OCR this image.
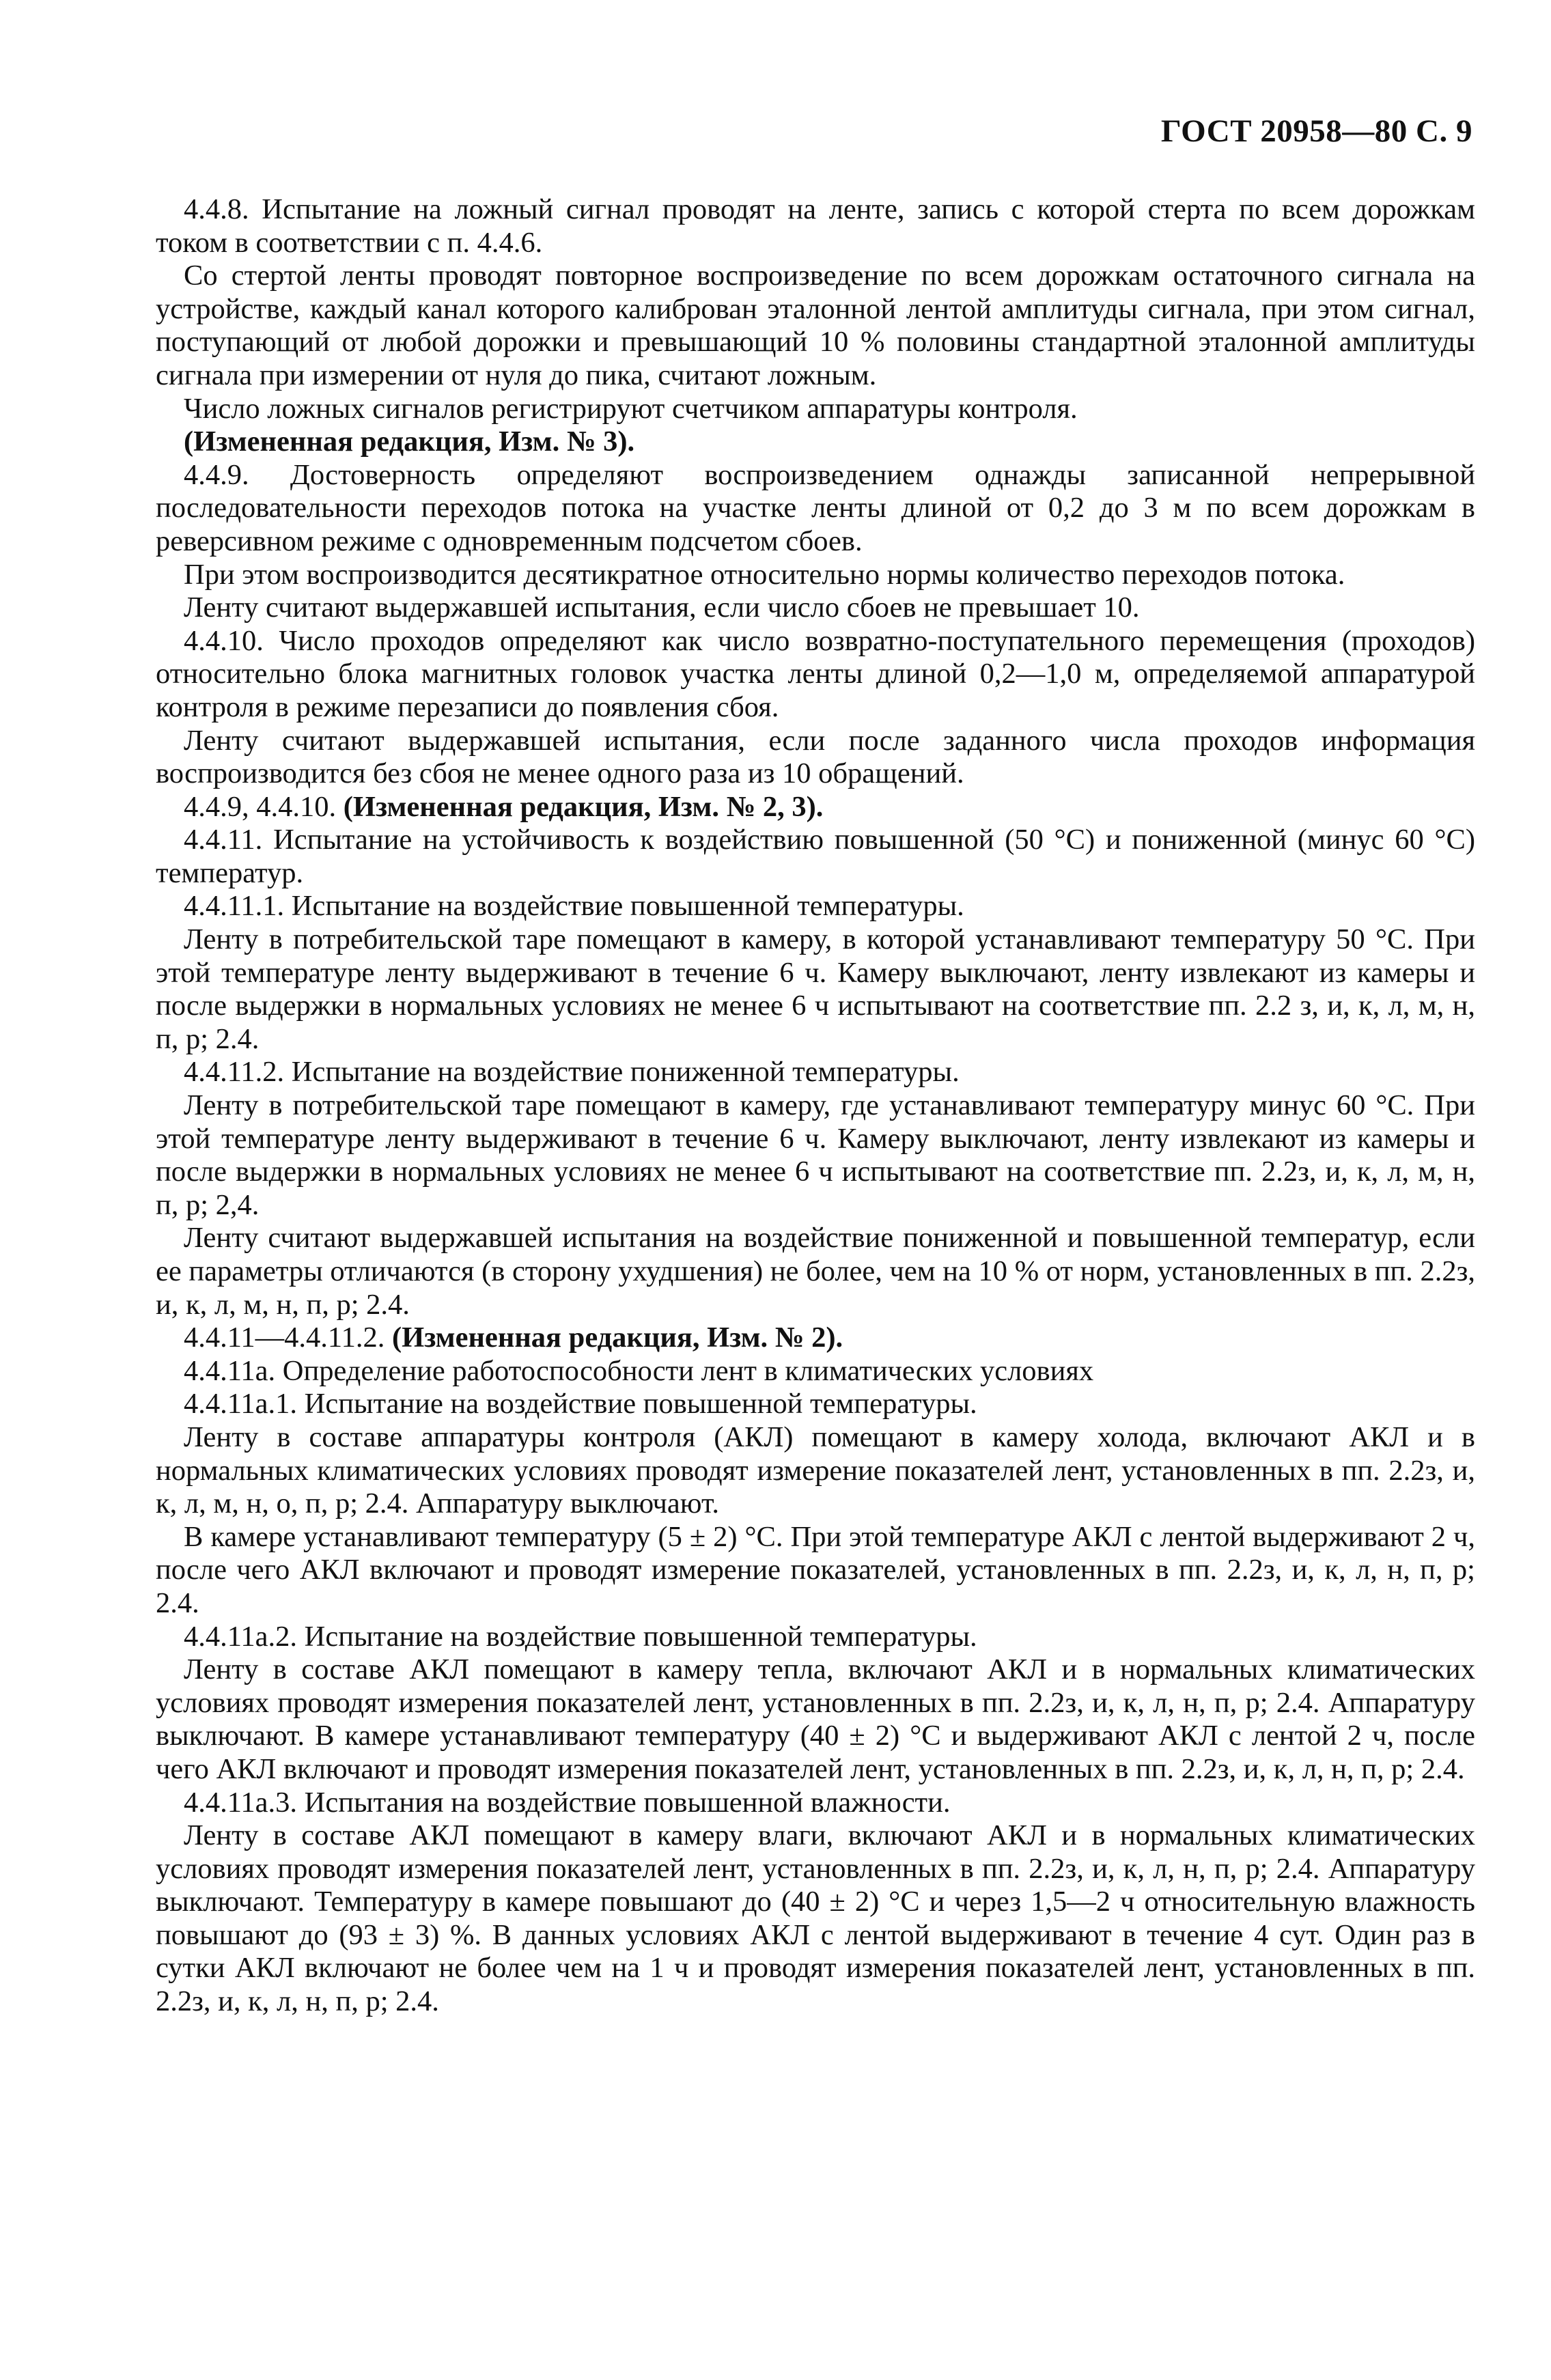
ГОСТ 20958—80 С. 9

4.4.8. Испытание на ложный сигнал проводят на ленте, запись с которой стерта по всем дорожкам током в соответствии с п. 4.4.6.

Со стертой ленты проводят повторное воспроизведение по всем дорожкам остаточного сигнала на устройстве, каждый канал которого калиброван эталонной лентой амплитуды сигнала, при этом сигнал, поступающий от любой дорожки и превышающий 10 % половины стандартной эталонной амплитуды сигнала при измерении от нуля до пика, считают ложным.

Число ложных сигналов регистрируют счетчиком аппаратуры контроля.

(Измененная редакция, Изм. № 3).

4.4.9. Достоверность определяют воспроизведением однажды записанной непрерывной последовательности переходов потока на участке ленты длиной от 0,2 до 3 м по всем дорожкам в реверсивном режиме с одновременным подсчетом сбоев.

При этом воспроизводится десятикратное относительно нормы количество переходов потока.

Ленту считают выдержавшей испытания, если число сбоев не превышает 10.

4.4.10. Число проходов определяют как число возвратно-поступательного перемещения (проходов) относительно блока магнитных головок участка ленты длиной 0,2—1,0 м, определяемой аппаратурой контроля в режиме перезаписи до появления сбоя.

Ленту считают выдержавшей испытания, если после заданного числа проходов информация воспроизводится без сбоя не менее одного раза из 10 обращений.

4.4.9, 4.4.10. (Измененная редакция, Изм. № 2, 3).

4.4.11. Испытание на устойчивость к воздействию повышенной (50 °С) и пониженной (минус 60 °С) температур.

4.4.11.1. Испытание на воздействие повышенной температуры.

Ленту в потребительской таре помещают в камеру, в которой устанавливают температуру 50 °С. При этой температуре ленту выдерживают в течение 6 ч. Камеру выключают, ленту извлекают из камеры и после выдержки в нормальных условиях не менее 6 ч испытывают на соответствие пп. 2.2 з, и, к, л, м, н, п, р; 2.4.

4.4.11.2. Испытание на воздействие пониженной температуры.

Ленту в потребительской таре помещают в камеру, где устанавливают температуру минус 60 °С. При этой температуре ленту выдерживают в течение 6 ч. Камеру выключают, ленту извлекают из камеры и после выдержки в нормальных условиях не менее 6 ч испытывают на соответствие пп. 2.2з, и, к, л, м, н, п, р; 2,4.

Ленту считают выдержавшей испытания на воздействие пониженной и повышенной температур, если ее параметры отличаются (в сторону ухудшения) не более, чем на 10 % от норм, установленных в пп. 2.2з, и, к, л, м, н, п, р; 2.4.

4.4.11—4.4.11.2. (Измененная редакция, Изм. № 2).

4.4.11а. Определение работоспособности лент в климатических условиях

4.4.11а.1. Испытание на воздействие повышенной температуры.

Ленту в составе аппаратуры контроля (АКЛ) помещают в камеру холода, включают АКЛ и в нормальных климатических условиях проводят измерение показателей лент, установленных в пп. 2.2з, и, к, л, м, н, о, п, р; 2.4. Аппаратуру выключают.

В камере устанавливают температуру (5 ± 2) °С. При этой температуре АКЛ с лентой выдерживают 2 ч, после чего АКЛ включают и проводят измерение показателей, установленных в пп. 2.2з, и, к, л, н, п, р; 2.4.

4.4.11а.2. Испытание на воздействие повышенной температуры.

Ленту в составе АКЛ помещают в камеру тепла, включают АКЛ и в нормальных климатических условиях проводят измерения показателей лент, установленных в пп. 2.2з, и, к, л, н, п, р; 2.4. Аппаратуру выключают. В камере устанавливают температуру (40 ± 2) °С и выдерживают АКЛ с лентой 2 ч, после чего АКЛ включают и проводят измерения показателей лент, установленных в пп. 2.2з, и, к, л, н, п, р; 2.4.

4.4.11а.3. Испытания на воздействие повышенной влажности.

Ленту в составе АКЛ помещают в камеру влаги, включают АКЛ и в нормальных климатических условиях проводят измерения показателей лент, установленных в пп. 2.2з, и, к, л, н, п, р; 2.4. Аппаратуру выключают. Температуру в камере повышают до (40 ± 2) °С и через 1,5—2 ч относительную влажность повышают до (93 ± 3) %. В данных условиях АКЛ с лентой выдерживают в течение 4 сут. Один раз в сутки АКЛ включают не более чем на 1 ч и проводят измерения показателей лент, установленных в пп. 2.2з, и, к, л, н, п, р; 2.4.
